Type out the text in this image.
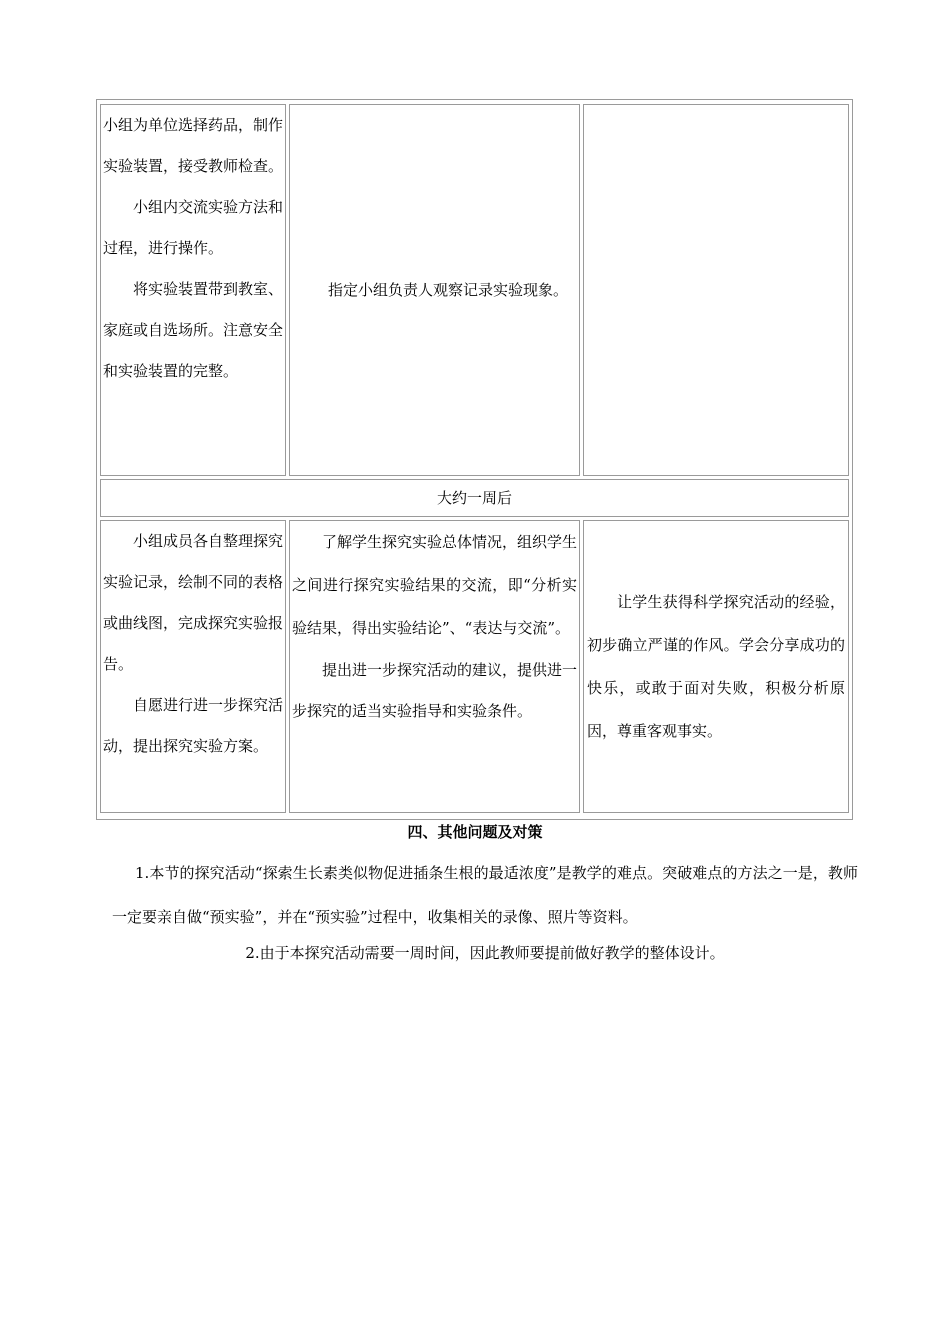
小组为单位选择药品，制作实验装置，接受教师检查。

小组内交流实验方法和过程，进行操作。

将实验装置带到教室、家庭或自选场所。注意安全和实验装置的完整。

指定小组负责人观察记录实验现象。

大约一周后

小组成员各自整理探究实验记录，绘制不同的表格或曲线图，完成探究实验报告。

自愿进行进一步探究活动，提出探究实验方案。

了解学生探究实验总体情况，组织学生之间进行探究实验结果的交流，即“分析实验结果，得出实验结论”、“表达与交流”。

提出进一步探究活动的建议，提供进一步探究的适当实验指导和实验条件。

让学生获得科学探究活动的经验，初步确立严谨的作风。学会分享成功的快乐，或敢于面对失败，积极分析原因，尊重客观事实。

四、其他问题及对策

1.本节的探究活动“探索生长素类似物促进插条生根的最适浓度”是教学的难点。突破难点的方法之一是，教师一定要亲自做“预实验”，并在“预实验”过程中，收集相关的录像、照片等资料。

2.由于本探究活动需要一周时间，因此教师要提前做好教学的整体设计。
